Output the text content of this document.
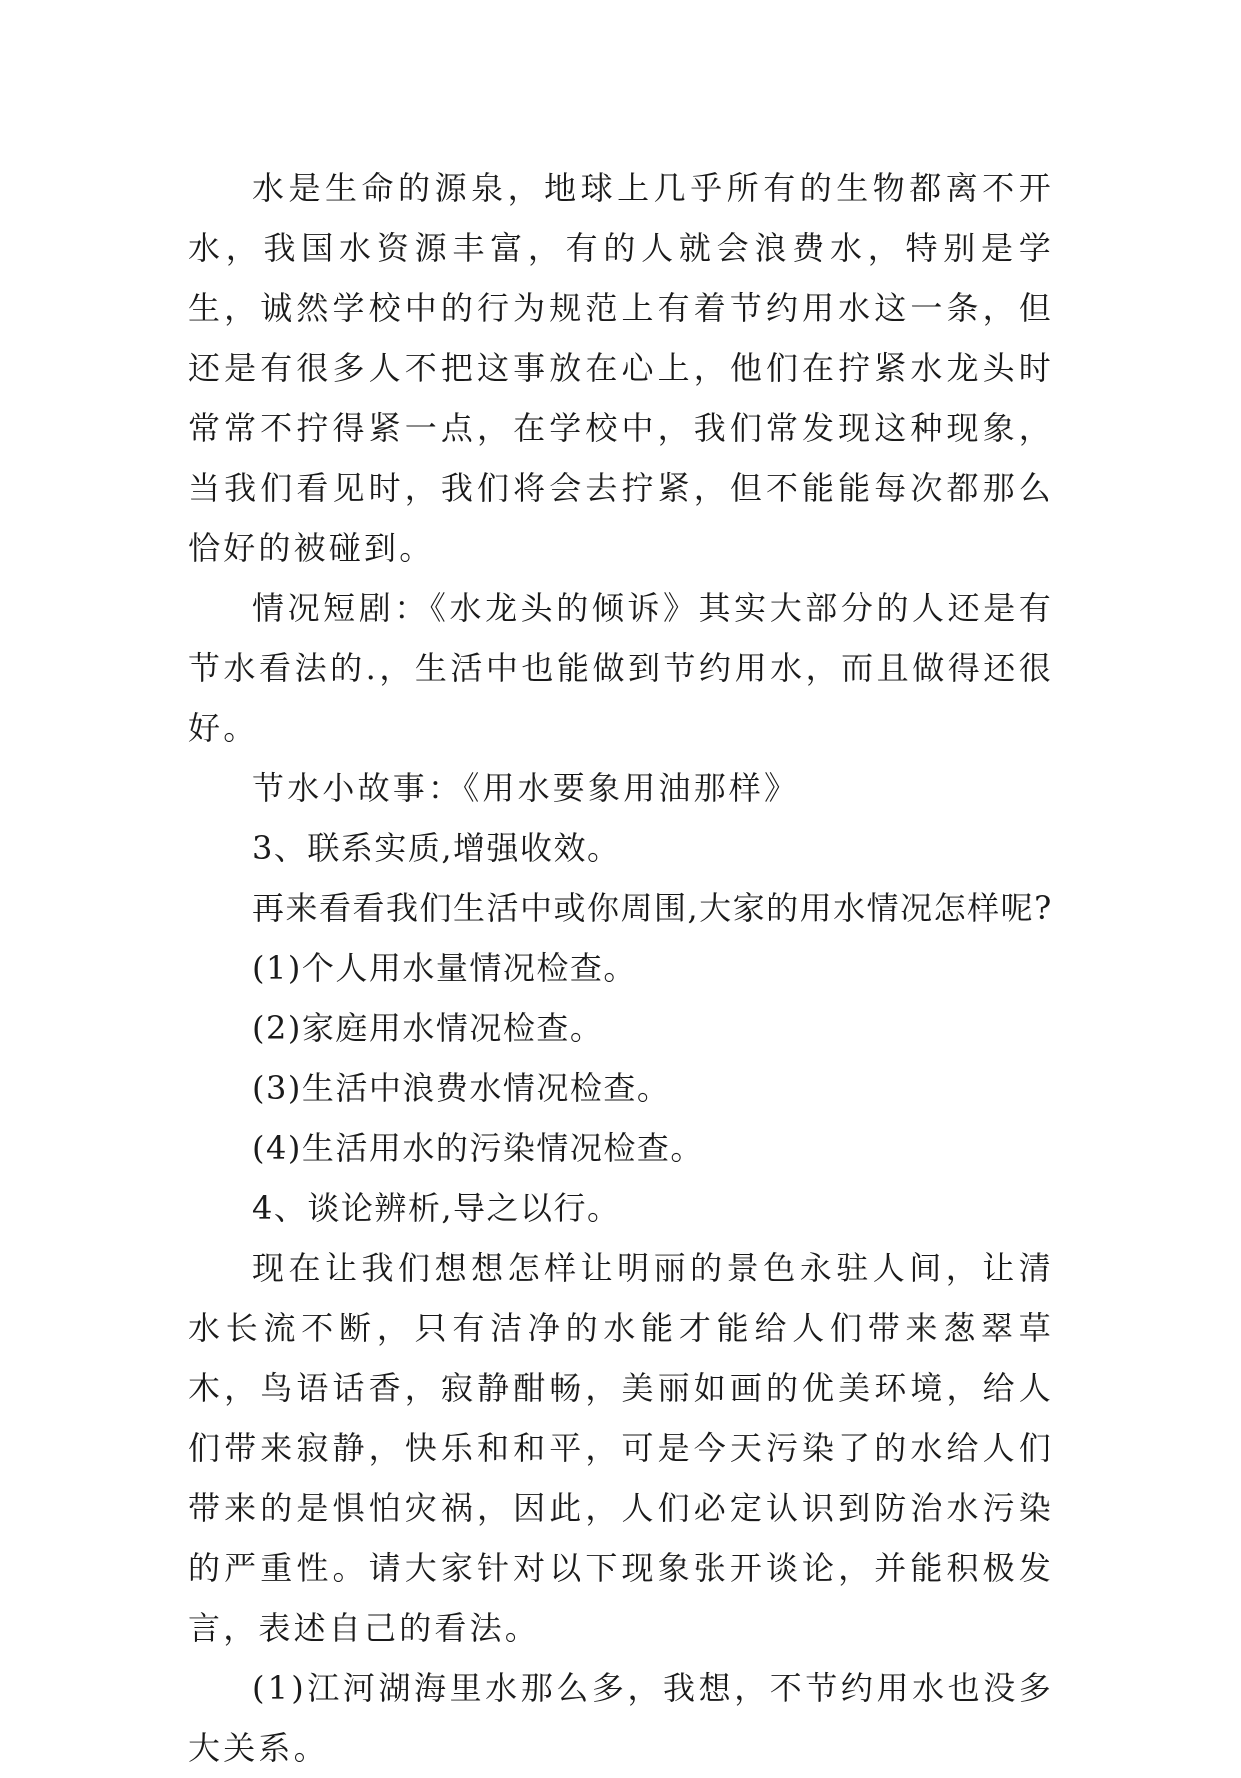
水是生命的源泉，地球上几乎所有的生物都离不开水，我国水资源丰富，有的人就会浪费水，特别是学生，诚然学校中的行为规范上有着节约用水这一条，但还是有很多人不把这事放在心上，他们在拧紧水龙头时常常不拧得紧一点，在学校中，我们常发现这种现象，当我们看见时，我们将会去拧紧，但不能能每次都那么恰好的被碰到。

情况短剧：《水龙头的倾诉》其实大部分的人还是有节水看法的.，生活中也能做到节约用水，而且做得还很好。

节水小故事：《用水要象用油那样》

3、联系实质,增强收效。

再来看看我们生活中或你周围,大家的用水情况怎样呢?

(1)个人用水量情况检查。

(2)家庭用水情况检查。

(3)生活中浪费水情况检查。

(4)生活用水的污染情况检查。

4、谈论辨析,导之以行。

现在让我们想想怎样让明丽的景色永驻人间，让清水长流不断，只有洁净的水能才能给人们带来葱翠草木，鸟语话香，寂静酣畅，美丽如画的优美环境，给人们带来寂静，快乐和和平，可是今天污染了的水给人们带来的是惧怕灾祸，因此，人们必定认识到防治水污染的严重性。请大家针对以下现象张开谈论，并能积极发言，表述自己的看法。

(1)江河湖海里水那么多，我想，不节约用水也没多大关系。
